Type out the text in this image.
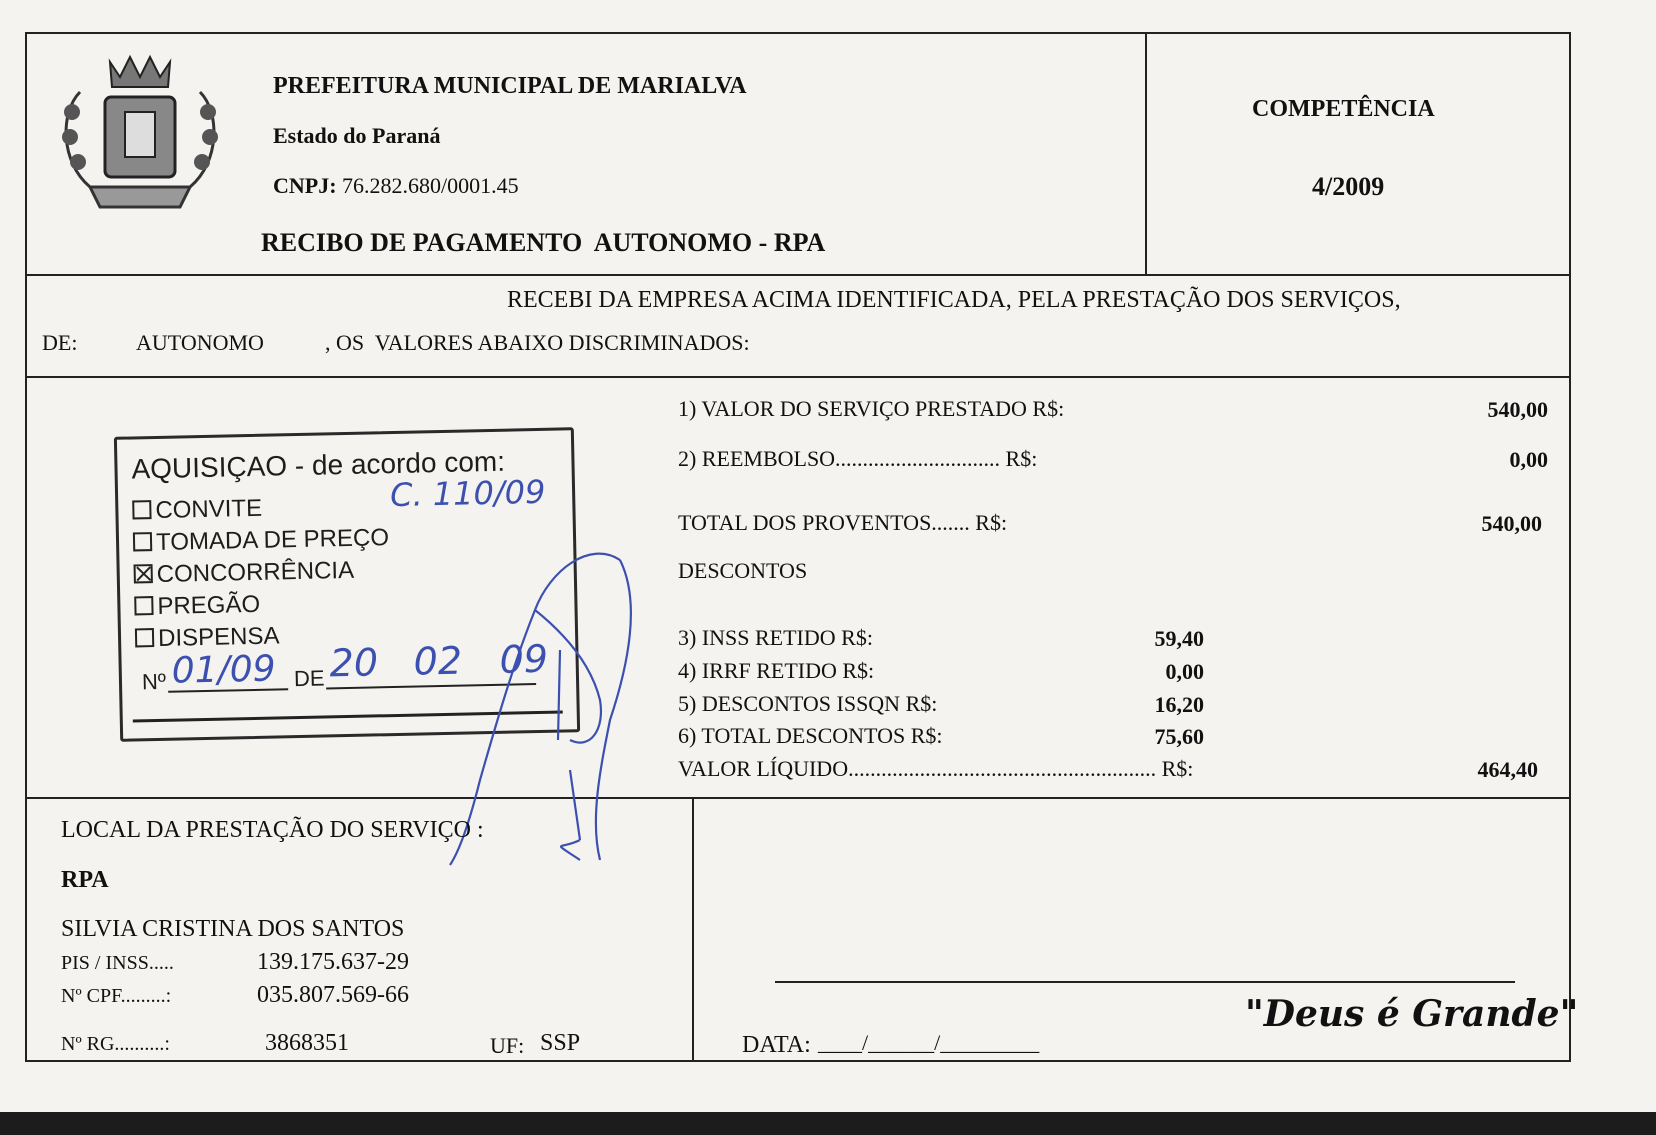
PREFEITURA MUNICIPAL DE MARIALVA
Estado do Paraná
CNPJ: 76.282.680/0001.45
RECIBO DE PAGAMENTO  AUTONOMO - RPA
COMPETÊNCIA
4/2009
RECEBI DA EMPRESA ACIMA IDENTIFICADA, PELA PRESTAÇÃO DOS SERVIÇOS,
DE:	AUTONOMO	, OS  VALORES ABAIXO DISCRIMINADOS:
1) VALOR DO SERVIÇO PRESTADO R$:	540,00
2) REEMBOLSO.............................. R$:	0,00
TOTAL DOS PROVENTOS....... R$:	540,00
DESCONTOS
3) INSS RETIDO R$:	59,40
4) IRRF RETIDO R$:	0,00
5) DESCONTOS ISSQN R$:	16,20
6) TOTAL DESCONTOS R$:	75,60
VALOR LÍQUIDO........................................................ R$:	464,40
AQUISIÇAO - de acordo com:
C. 110/09
CONVITE
TOMADA DE PREÇO
CONCORRÊNCIA
PREGÃO
DISPENSA
Nº 01/09 DE 20 02 09
LOCAL DA PRESTAÇÃO DO SERVIÇO :
RPA
SILVIA CRISTINA DOS SANTOS
PIS / INSS.....	139.175.637-29
Nº CPF.........:	035.807.569-66
Nº RG..........:	3868351	UF: SSP	DATA: ____/______/_________
"Deus é Grande"
